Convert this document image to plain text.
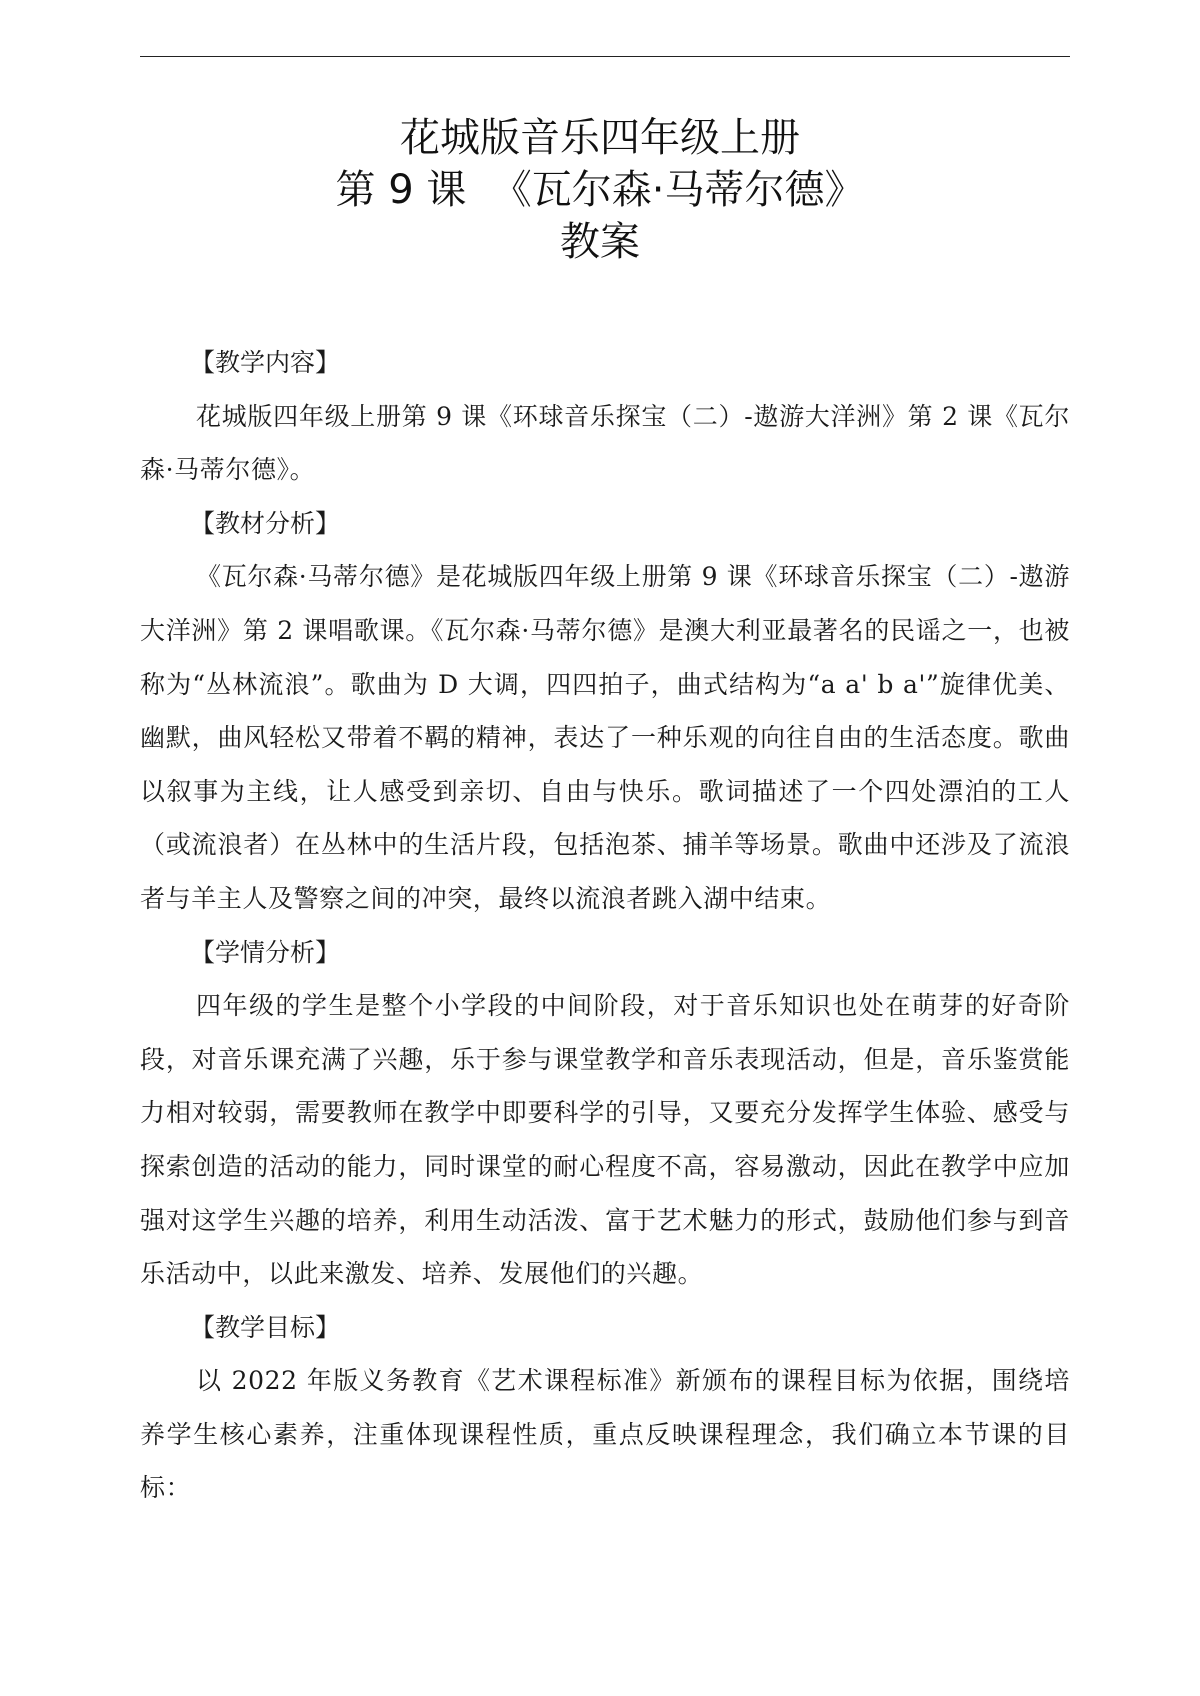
花城版音乐四年级上册
第 9 课  《瓦尔森·马蒂尔德》
教案

【教学内容】

花城版四年级上册第 9 课《环球音乐探宝（二）-遨游大洋洲》第 2 课《瓦尔森·马蒂尔德》。

【教材分析】

《瓦尔森·马蒂尔德》是花城版四年级上册第 9 课《环球音乐探宝（二）-遨游大洋洲》第 2 课唱歌课。《瓦尔森·马蒂尔德》是澳大利亚最著名的民谣之一，也被称为“丛林流浪”。歌曲为 D 大调，四四拍子，曲式结构为“a a' b a'”旋律优美、幽默，曲风轻松又带着不羁的精神，表达了一种乐观的向往自由的生活态度。歌曲以叙事为主线，让人感受到亲切、自由与快乐。歌词描述了一个四处漂泊的工人（或流浪者）在丛林中的生活片段，包括泡茶、捕羊等场景。歌曲中还涉及了流浪者与羊主人及警察之间的冲突，最终以流浪者跳入湖中结束。

【学情分析】

四年级的学生是整个小学段的中间阶段，对于音乐知识也处在萌芽的好奇阶段，对音乐课充满了兴趣，乐于参与课堂教学和音乐表现活动，但是，音乐鉴赏能力相对较弱，需要教师在教学中即要科学的引导，又要充分发挥学生体验、感受与探索创造的活动的能力，同时课堂的耐心程度不高，容易激动，因此在教学中应加强对这学生兴趣的培养，利用生动活泼、富于艺术魅力的形式，鼓励他们参与到音乐活动中，以此来激发、培养、发展他们的兴趣。

【教学目标】

以 2022 年版义务教育《艺术课程标准》新颁布的课程目标为依据，围绕培养学生核心素养，注重体现课程性质，重点反映课程理念，我们确立本节课的目标：
